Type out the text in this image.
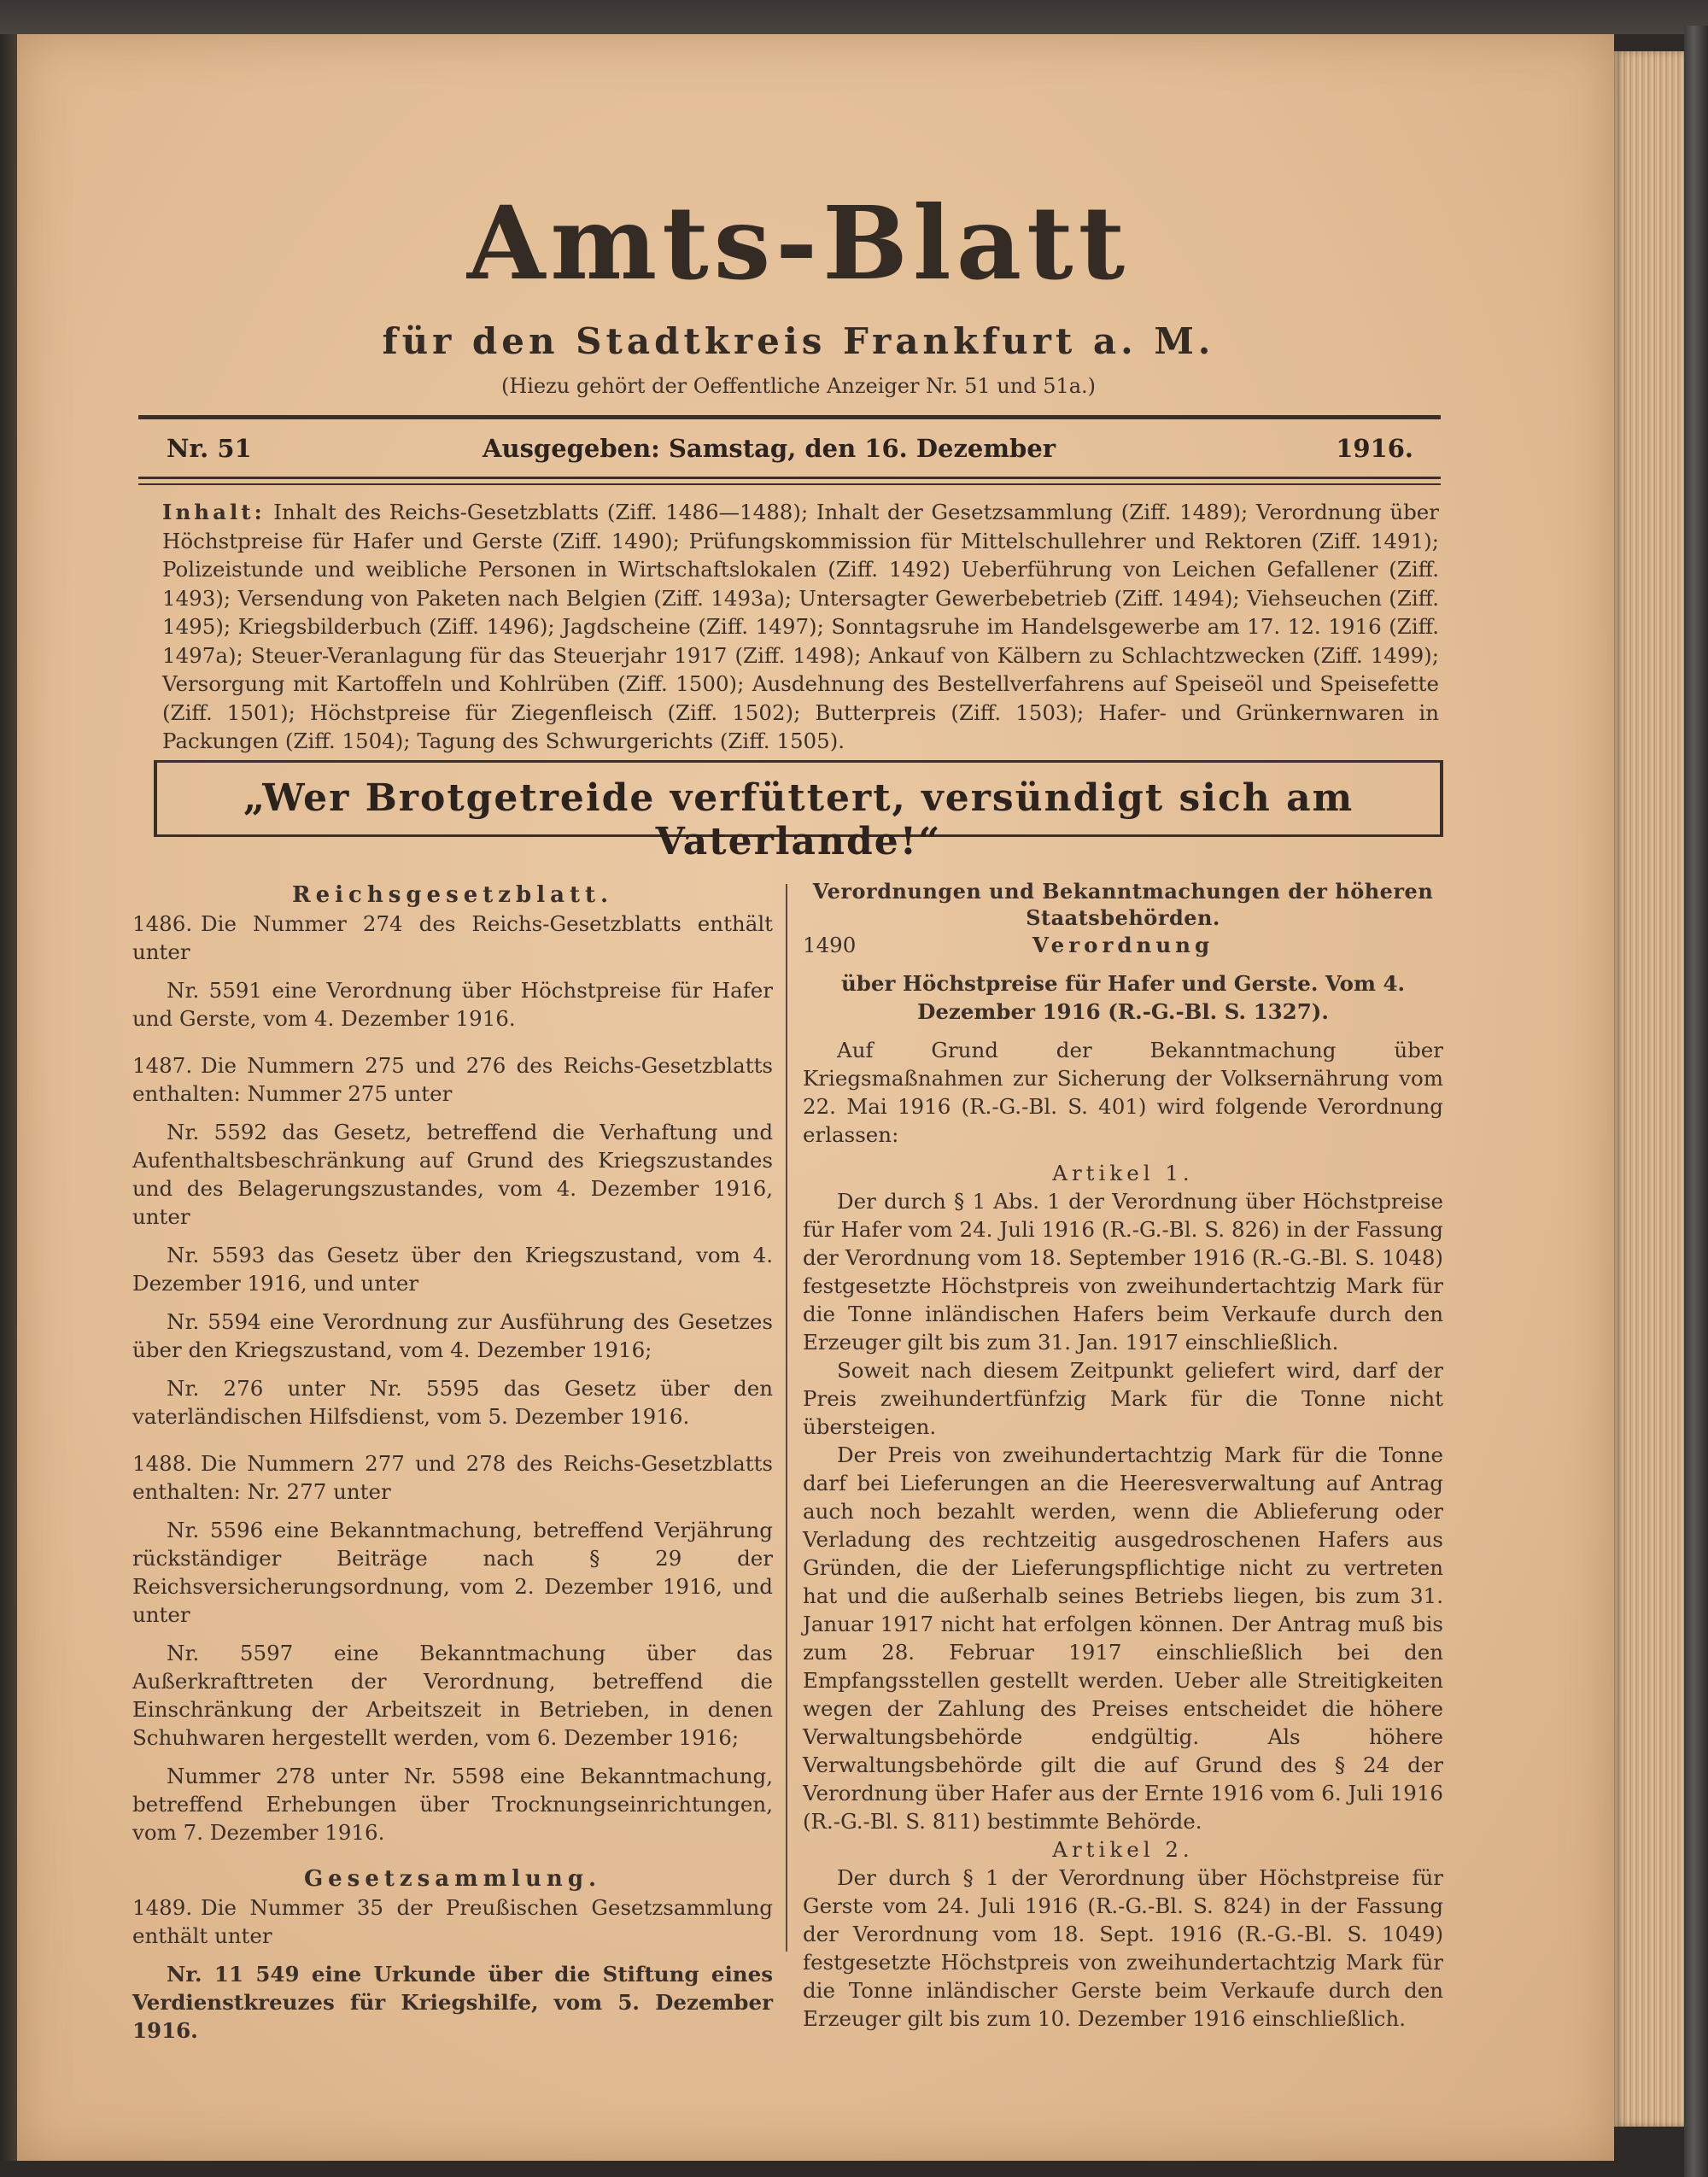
Amts-Blatt
für den Stadtkreis Frankfurt a. M.
(Hiezu gehört der Oeffentliche Anzeiger Nr. 51 und 51a.)
Nr. 51	Ausgegeben: Samstag, den 16. Dezember	1916.
Inhalt: Inhalt des Reichs-Gesetzblatts (Ziff. 1486—1488); Inhalt der Gesetzsammlung (Ziff. 1489); Verordnung über Höchstpreise für Hafer und Gerste (Ziff. 1490); Prüfungskommission für Mittelschullehrer und Rektoren (Ziff. 1491); Polizeistunde und weibliche Personen in Wirtschaftslokalen (Ziff. 1492) Ueberführung von Leichen Gefallener (Ziff. 1493); Versendung von Paketen nach Belgien (Ziff. 1493a); Untersagter Gewerbebetrieb (Ziff. 1494); Viehseuchen (Ziff. 1495); Kriegsbilderbuch (Ziff. 1496); Jagdscheine (Ziff. 1497); Sonntagsruhe im Handelsgewerbe am 17. 12. 1916 (Ziff. 1497a); Steuer-Veranlagung für das Steuerjahr 1917 (Ziff. 1498); Ankauf von Kälbern zu Schlachtzwecken (Ziff. 1499); Versorgung mit Kartoffeln und Kohlrüben (Ziff. 1500); Ausdehnung des Bestellverfahrens auf Speiseöl und Speisefette (Ziff. 1501); Höchstpreise für Ziegenfleisch (Ziff. 1502); Butterpreis (Ziff. 1503); Hafer- und Grünkernwaren in Packungen (Ziff. 1504); Tagung des Schwurgerichts (Ziff. 1505).
„Wer Brotgetreide verfüttert, versündigt sich am Vaterlande!“

Reichsgesetzblatt.

1486. Die Nummer 274 des Reichs-Gesetzblatts enthält unter

Nr. 5591 eine Verordnung über Höchstpreise für Hafer und Gerste, vom 4. Dezember 1916.

1487. Die Nummern 275 und 276 des Reichs-Gesetzblatts enthalten: Nummer 275 unter

Nr. 5592 das Gesetz, betreffend die Verhaftung und Aufenthaltsbeschränkung auf Grund des Kriegszustandes und des Belagerungszustandes, vom 4. Dezember 1916, unter

Nr. 5593 das Gesetz über den Kriegszustand, vom 4. Dezember 1916, und unter

Nr. 5594 eine Verordnung zur Ausführung des Gesetzes über den Kriegszustand, vom 4. Dezember 1916;

Nr. 276 unter Nr. 5595 das Gesetz über den vaterländischen Hilfsdienst, vom 5. Dezember 1916.

1488. Die Nummern 277 und 278 des Reichs-Gesetzblatts enthalten: Nr. 277 unter

Nr. 5596 eine Bekanntmachung, betreffend Verjährung rückständiger Beiträge nach § 29 der Reichsversicherungsordnung, vom 2. Dezember 1916, und unter

Nr. 5597 eine Bekanntmachung über das Außerkrafttreten der Verordnung, betreffend die Einschränkung der Arbeitszeit in Betrieben, in denen Schuhwaren hergestellt werden, vom 6. Dezember 1916;

Nummer 278 unter Nr. 5598 eine Bekanntmachung, betreffend Erhebungen über Trocknungseinrichtungen, vom 7. Dezember 1916.

Gesetzsammlung.

1489. Die Nummer 35 der Preußischen Gesetzsammlung enthält unter

Nr. 11 549 eine Urkunde über die Stiftung eines Verdienstkreuzes für Kriegshilfe, vom 5. Dezember 1916.

Verordnungen und Bekanntmachungen der höheren Staatsbehörden.

1490	Verordnung

über Höchstpreise für Hafer und Gerste. Vom 4. Dezember 1916 (R.-G.-Bl. S. 1327).

Auf Grund der Bekanntmachung über Kriegsmaßnahmen zur Sicherung der Volksernährung vom 22. Mai 1916 (R.-G.-Bl. S. 401) wird folgende Verordnung erlassen:

Artikel 1.

Der durch § 1 Abs. 1 der Verordnung über Höchstpreise für Hafer vom 24. Juli 1916 (R.-G.-Bl. S. 826) in der Fassung der Verordnung vom 18. September 1916 (R.-G.-Bl. S. 1048) festgesetzte Höchstpreis von zweihundertachtzig Mark für die Tonne inländischen Hafers beim Verkaufe durch den Erzeuger gilt bis zum 31. Jan. 1917 einschließlich.

Soweit nach diesem Zeitpunkt geliefert wird, darf der Preis zweihundertfünfzig Mark für die Tonne nicht übersteigen.

Der Preis von zweihundertachtzig Mark für die Tonne darf bei Lieferungen an die Heeresverwaltung auf Antrag auch noch bezahlt werden, wenn die Ablieferung oder Verladung des rechtzeitig ausgedroschenen Hafers aus Gründen, die der Lieferungspflichtige nicht zu vertreten hat und die außerhalb seines Betriebs liegen, bis zum 31. Januar 1917 nicht hat erfolgen können. Der Antrag muß bis zum 28. Februar 1917 einschließlich bei den Empfangsstellen gestellt werden. Ueber alle Streitigkeiten wegen der Zahlung des Preises entscheidet die höhere Verwaltungsbehörde endgültig. Als höhere Verwaltungsbehörde gilt die auf Grund des § 24 der Verordnung über Hafer aus der Ernte 1916 vom 6. Juli 1916 (R.-G.-Bl. S. 811) bestimmte Behörde.

Artikel 2.

Der durch § 1 der Verordnung über Höchstpreise für Gerste vom 24. Juli 1916 (R.-G.-Bl. S. 824) in der Fassung der Verordnung vom 18. Sept. 1916 (R.-G.-Bl. S. 1049) festgesetzte Höchstpreis von zweihundertachtzig Mark für die Tonne inländischer Gerste beim Verkaufe durch den Erzeuger gilt bis zum 10. Dezember 1916 einschließlich.
